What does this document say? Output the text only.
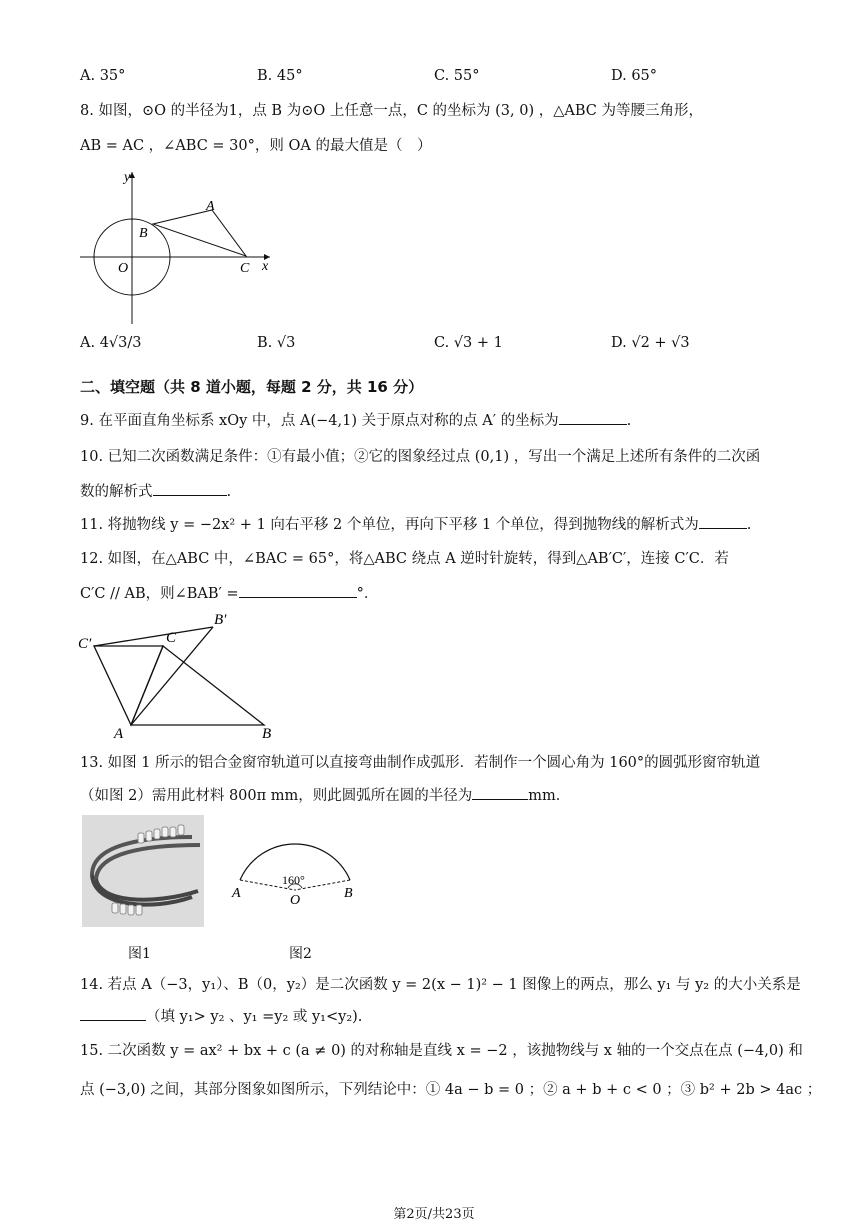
A. 35°	B. 45°	C. 55°	D. 65°
8. 如图，⊙O 的半径为1，点 B 为⊙O 上任意一点，C 的坐标为 (3, 0) ，△ABC 为等腰三角形，
AB = AC ，∠ABC = 30°，则 OA 的最大值是（　）
y
x
A
B
C
O
A. 4√3/3	B. √3	C. √3 + 1	D. √2 + √3
二、填空题（共 8 道小题，每题 2 分，共 16 分）
9. 在平面直角坐标系 xOy 中，点 A(−4,1) 关于原点对称的点 A′ 的坐标为	.
10. 已知二次函数满足条件：①有最小值；②它的图象经过点 (0,1) ，写出一个满足上述所有条件的二次函
数的解析式	.
11. 将抛物线 y = −2x² + 1 向右平移 2 个单位，再向下平移 1 个单位，得到抛物线的解析式为	.
12. 如图，在△ABC 中，∠BAC = 65°，将△ABC 绕点 A 逆时针旋转，得到△AB′C′，连接 C′C．若
C′C // AB，则∠BAB′ =	°．
C′	C
B′
A	B
13. 如图 1 所示的铝合金窗帘轨道可以直接弯曲制作成弧形．若制作一个圆心角为 160°的圆弧形窗帘轨道
（如图 2）需用此材料 800π mm，则此圆弧所在圆的半径为	mm．
160°
A	O	B
图1	图2
14. 若点 A（−3，y₁）、B（0，y₂）是二次函数 y = 2(x − 1)² − 1 图像上的两点，那么 y₁ 与 y₂ 的大小关系是
（填 y₁> y₂ 、y₁ =y₂ 或 y₁<y₂).
15. 二次函数 y = ax² + bx + c (a ≠ 0) 的对称轴是直线 x = −2 ，该抛物线与 x 轴的一个交点在点 (−4,0) 和
点 (−3,0) 之间，其部分图象如图所示，下列结论中：① 4a − b = 0 ；② a + b + c < 0 ；③ b² + 2b > 4ac ；
第2页/共23页
